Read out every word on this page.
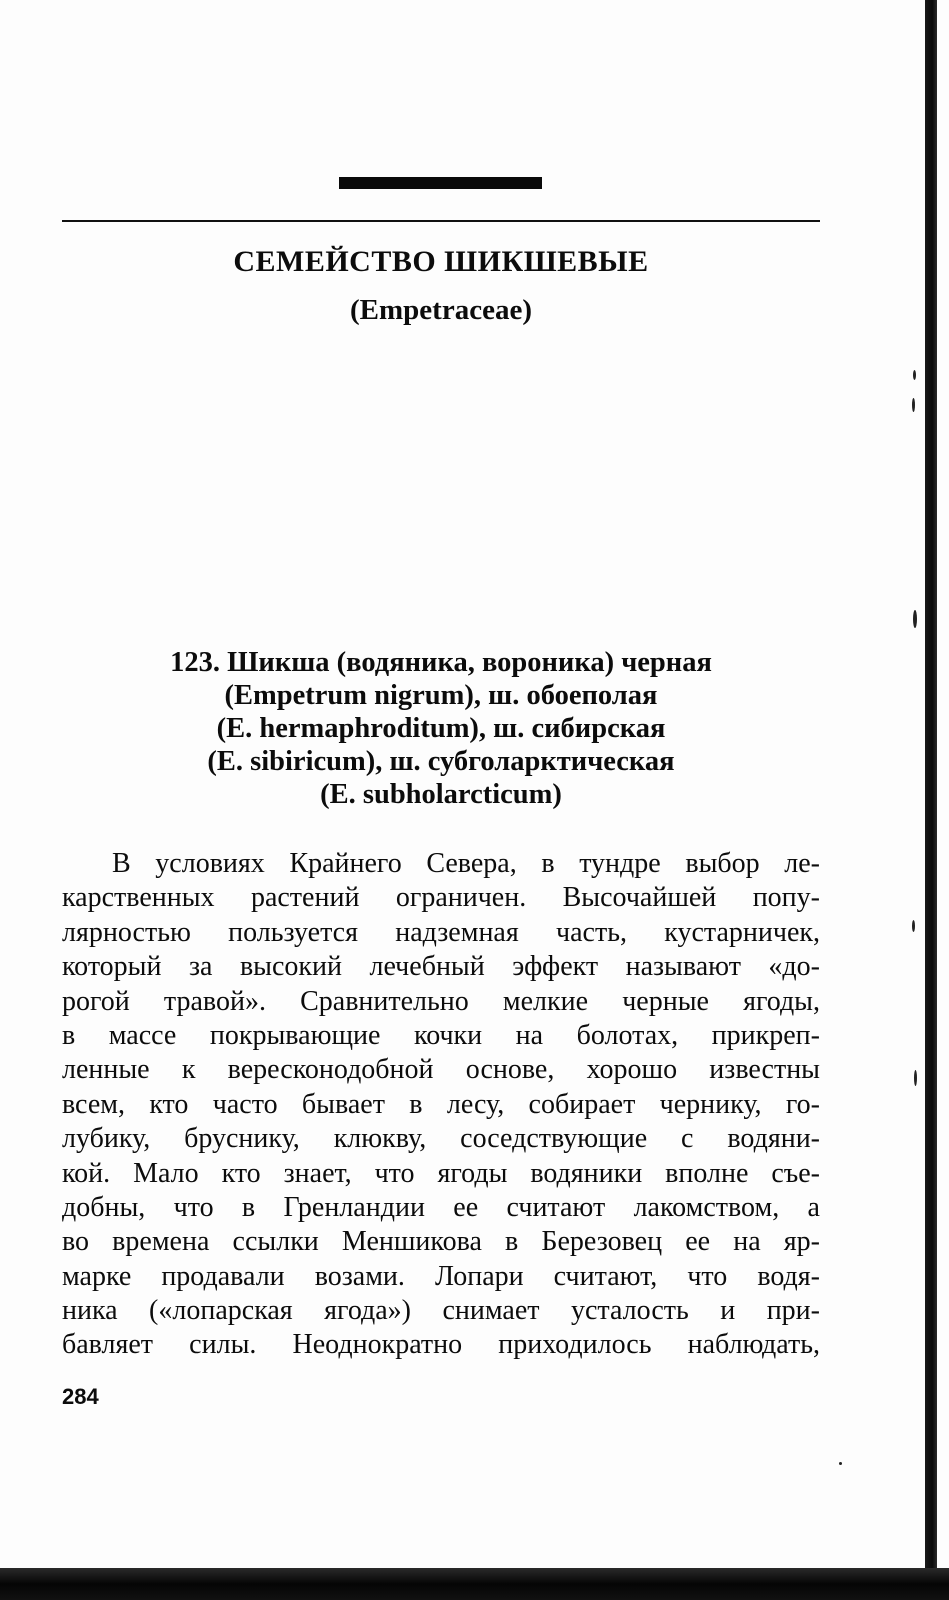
СЕМЕЙСТВО ШИКШЕВЫЕ
(Empetraceae)
123. Шикша (водяника, вороника) черная
(Empetrum nigrum), ш. обоеполая
(E. hermaphroditum), ш. сибирская
(E. sibiricum), ш. субголарктическая
(E. subholarcticum)
В условиях Крайнего Севера, в тундре выбор ле-
карственных растений ограничен. Высочайшей попу-
лярностью пользуется надземная часть, кустарничек,
который за высокий лечебный эффект называют «до-
рогой травой». Сравнительно мелкие черные ягоды,
в массе покрывающие кочки на болотах, прикреп-
ленные к вересконодобной основе, хорошо известны
всем, кто часто бывает в лесу, собирает чернику, го-
лубику, бруснику, клюкву, соседствующие с водяни-
кой. Мало кто знает, что ягоды водяники вполне съе-
добны, что в Гренландии ее считают лакомством, а
во времена ссылки Меншикова в Березовец ее на яр-
марке продавали возами. Лопари считают, что водя-
ника («лопарская ягода») снимает усталость и при-
бавляет силы. Неоднократно приходилось наблюдать,
284
